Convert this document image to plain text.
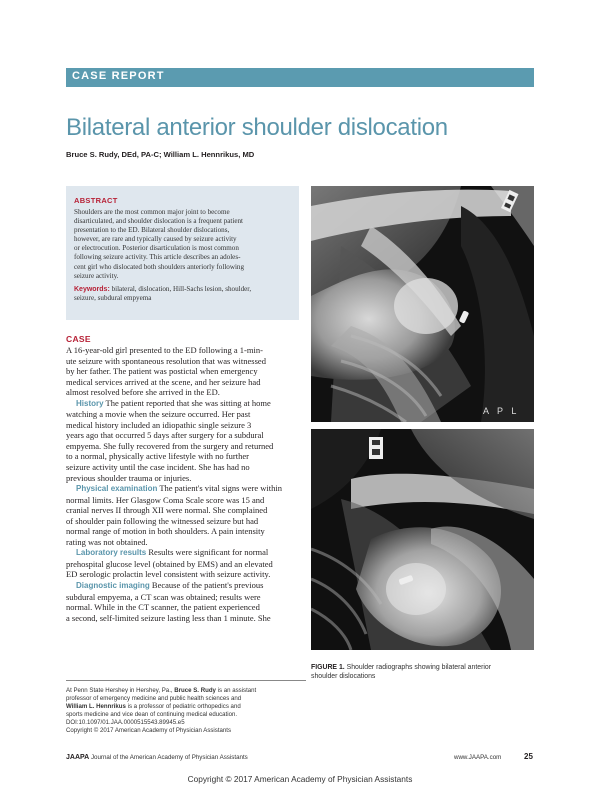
CASE REPORT
Bilateral anterior shoulder dislocation
Bruce S. Rudy, DEd, PA-C; William L. Hennrikus, MD
ABSTRACT
Shoulders are the most common major joint to become
disarticulated, and shoulder dislocation is a frequent patient
presentation to the ED. Bilateral shoulder dislocations,
however, are rare and typically caused by seizure activity
or electrocution. Posterior disarticulation is most common
following seizure activity. This article describes an adoles-
cent girl who dislocated both shoulders anteriorly following
seizure activity.
Keywords: bilateral, dislocation, Hill-Sachs lesion, shoulder,
seizure, subdural empyema
CASE
A 16-year-old girl presented to the ED following a 1-min-
ute seizure with spontaneous resolution that was witnessed
by her father. The patient was postictal when emergency
medical services arrived at the scene, and her seizure had
almost resolved before she arrived in the ED.
History The patient reported that she was sitting at home
watching a movie when the seizure occurred. Her past
medical history included an idiopathic single seizure 3
years ago that occurred 5 days after surgery for a subdural
empyema. She fully recovered from the surgery and returned
to a normal, physically active lifestyle with no further
seizure activity until the case incident. She has had no
previous shoulder trauma or injuries.
Physical examination The patient's vital signs were within
normal limits. Her Glasgow Coma Scale score was 15 and
cranial nerves II through XII were normal. She complained
of shoulder pain following the witnessed seizure but had
normal range of motion in both shoulders. A pain intensity
rating was not obtained.
Laboratory results Results were significant for normal
prehospital glucose level (obtained by EMS) and an elevated
ED serologic prolactin level consistent with seizure activity.
Diagnostic imaging Because of the patient's previous
subdural empyema, a CT scan was obtained; results were
normal. While in the CT scanner, the patient experienced
a second, self-limited seizure lasting less than 1 minute. She
At Penn State Hershey in Hershey, Pa., Bruce S. Rudy is an assistant
professor of emergency medicine and public health sciences and
William L. Hennrikus is a professor of pediatric orthopedics and
sports medicine and vice dean of continuing medical education.
DOI:10.1097/01.JAA.0000515543.89945.e5
Copyright © 2017 American Academy of Physician Assistants
A P L
FIGURE 1. Shoulder radiographs showing bilateral anterior
shoulder dislocations
JAAPA Journal of the American Academy of Physician Assistants	www.JAAPA.com	25
Copyright © 2017 American Academy of Physician Assistants
